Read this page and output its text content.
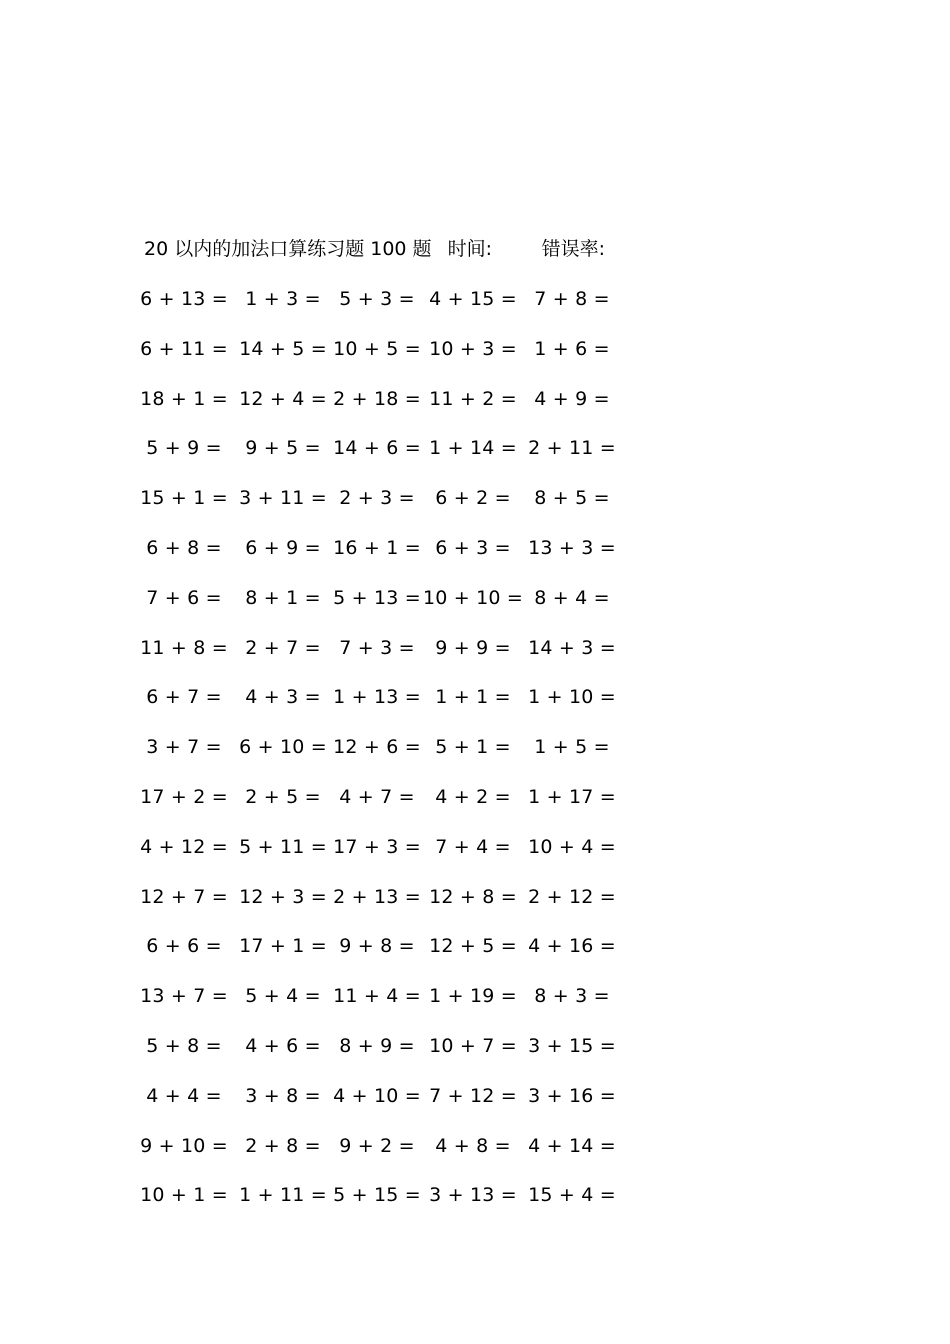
20 以内的加法口算练习题 100 题 时间:	错误率:
6 + 13 = 1 + 3 = 5 + 3 = 4 + 15 = 7 + 8 =
6 + 11 = 14 + 5 = 10 + 5 = 10 + 3 = 1 + 6 =
18 + 1 = 12 + 4 = 2 + 18 = 11 + 2 = 4 + 9 =
5 + 9 = 9 + 5 = 14 + 6 = 1 + 14 = 2 + 11 =
15 + 1 = 3 + 11 = 2 + 3 = 6 + 2 = 8 + 5 =
6 + 8 = 6 + 9 = 16 + 1 = 6 + 3 = 13 + 3 =
7 + 6 = 8 + 1 = 5 + 13 = 10 + 10 = 8 + 4 =
11 + 8 = 2 + 7 = 7 + 3 = 9 + 9 = 14 + 3 =
6 + 7 = 4 + 3 = 1 + 13 = 1 + 1 = 1 + 10 =
3 + 7 = 6 + 10 = 12 + 6 = 5 + 1 = 1 + 5 =
17 + 2 = 2 + 5 = 4 + 7 = 4 + 2 = 1 + 17 =
4 + 12 = 5 + 11 = 17 + 3 = 7 + 4 = 10 + 4 =
12 + 7 = 12 + 3 = 2 + 13 = 12 + 8 = 2 + 12 =
6 + 6 = 17 + 1 = 9 + 8 = 12 + 5 = 4 + 16 =
13 + 7 = 5 + 4 = 11 + 4 = 1 + 19 = 8 + 3 =
5 + 8 = 4 + 6 = 8 + 9 = 10 + 7 = 3 + 15 =
4 + 4 = 3 + 8 = 4 + 10 = 7 + 12 = 3 + 16 =
9 + 10 = 2 + 8 = 9 + 2 = 4 + 8 = 4 + 14 =
10 + 1 = 1 + 11 = 5 + 15 = 3 + 13 = 15 + 4 =
